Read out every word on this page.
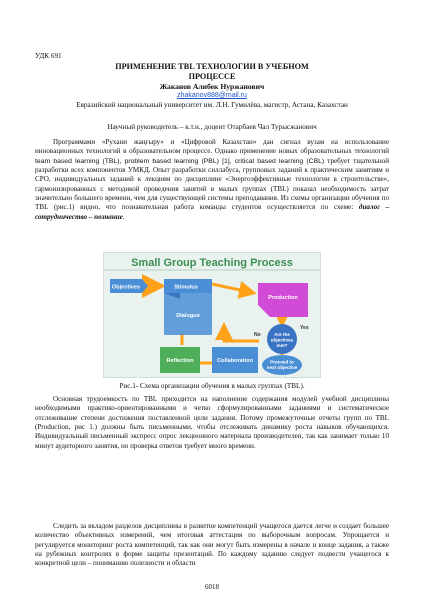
УДК 691
ПРИМЕНЕНИЕ TBL ТЕХНОЛОГИИ В УЧЕБНОМ
ПРОЦЕССЕ
Жаканов Алибек Нуржанович
zhakanov888@mail.ru
Евразийский национальный университет им. Л.Н. Гумилёва, магистр, Астана, Казахстан
Научный руководитель – к.т.н., доцент Отарбаев Чал Турысжанович

Программами «Рухани жаңғыру» и «Цифровой Казахстан» дан сигнал вузам на использование инновационных технологий в образовательном процессе. Однако применение новых образовательных технологий team based learning (TBL), problem based learning (PBL) [1], critical based learning (CBL) требует тщательной разработки всех компонентов УМКД. Опыт разработки силлабуса, групповых заданий к практическим занятиям и СРО, индивидуальных заданий к лекциям по дисциплине «Энергоэффективные технологии в строительстве», гармонизированных с методикой проведения занятий в малых группах (TBL) показал необходимость затрат значительно большего времени, чем для существующей системы преподавания. Из схемы организации обучения по TBL (рис.1) видно, что познавательная работа команды студентов осуществляется по схеме: диалог – сотрудничество – познание.

Small Group Teaching Process
Objectives	Stimulus
Dialogue
Reflection	Collaboration
Production
Are the
objectives
met?
Yes
No
Proceed to
next objective
Рис.1- Схема организации обучения в малых группах (TBL).

Основная трудоемкость по TBL приходится на наполнение содержания модулей учебной дисциплины необходимыми практико-ориентированными и четко сформулированными заданиями и систематическое отслеживание степени достижения поставленной цели задания. Потому промежуточные отчеты групп по TBL (Production, рис 1.) должны быть письменными, чтобы отслеживать динамику роста навыков обучающихся. Индивидуальный письменный экспресс опрос лекционного материала производителен, так как занимает только 10 минут аудиторного занятия, но проверка ответов требует много времени.

Следить за вкладом разделов дисциплины в развитие компетенций учащегося дается легче и создает большее количество объективных измерений, чем итоговая аттестация по выборочным вопросам. Упрощается и регулируется мониторинг роста компетенций, так как они могут быть измерены в начале и конце задания, а также на рубежных контролях в форме защиты презентаций. По каждому заданию следует подвести учащегося к конкретной цели – пониманию полезности и области

6018
